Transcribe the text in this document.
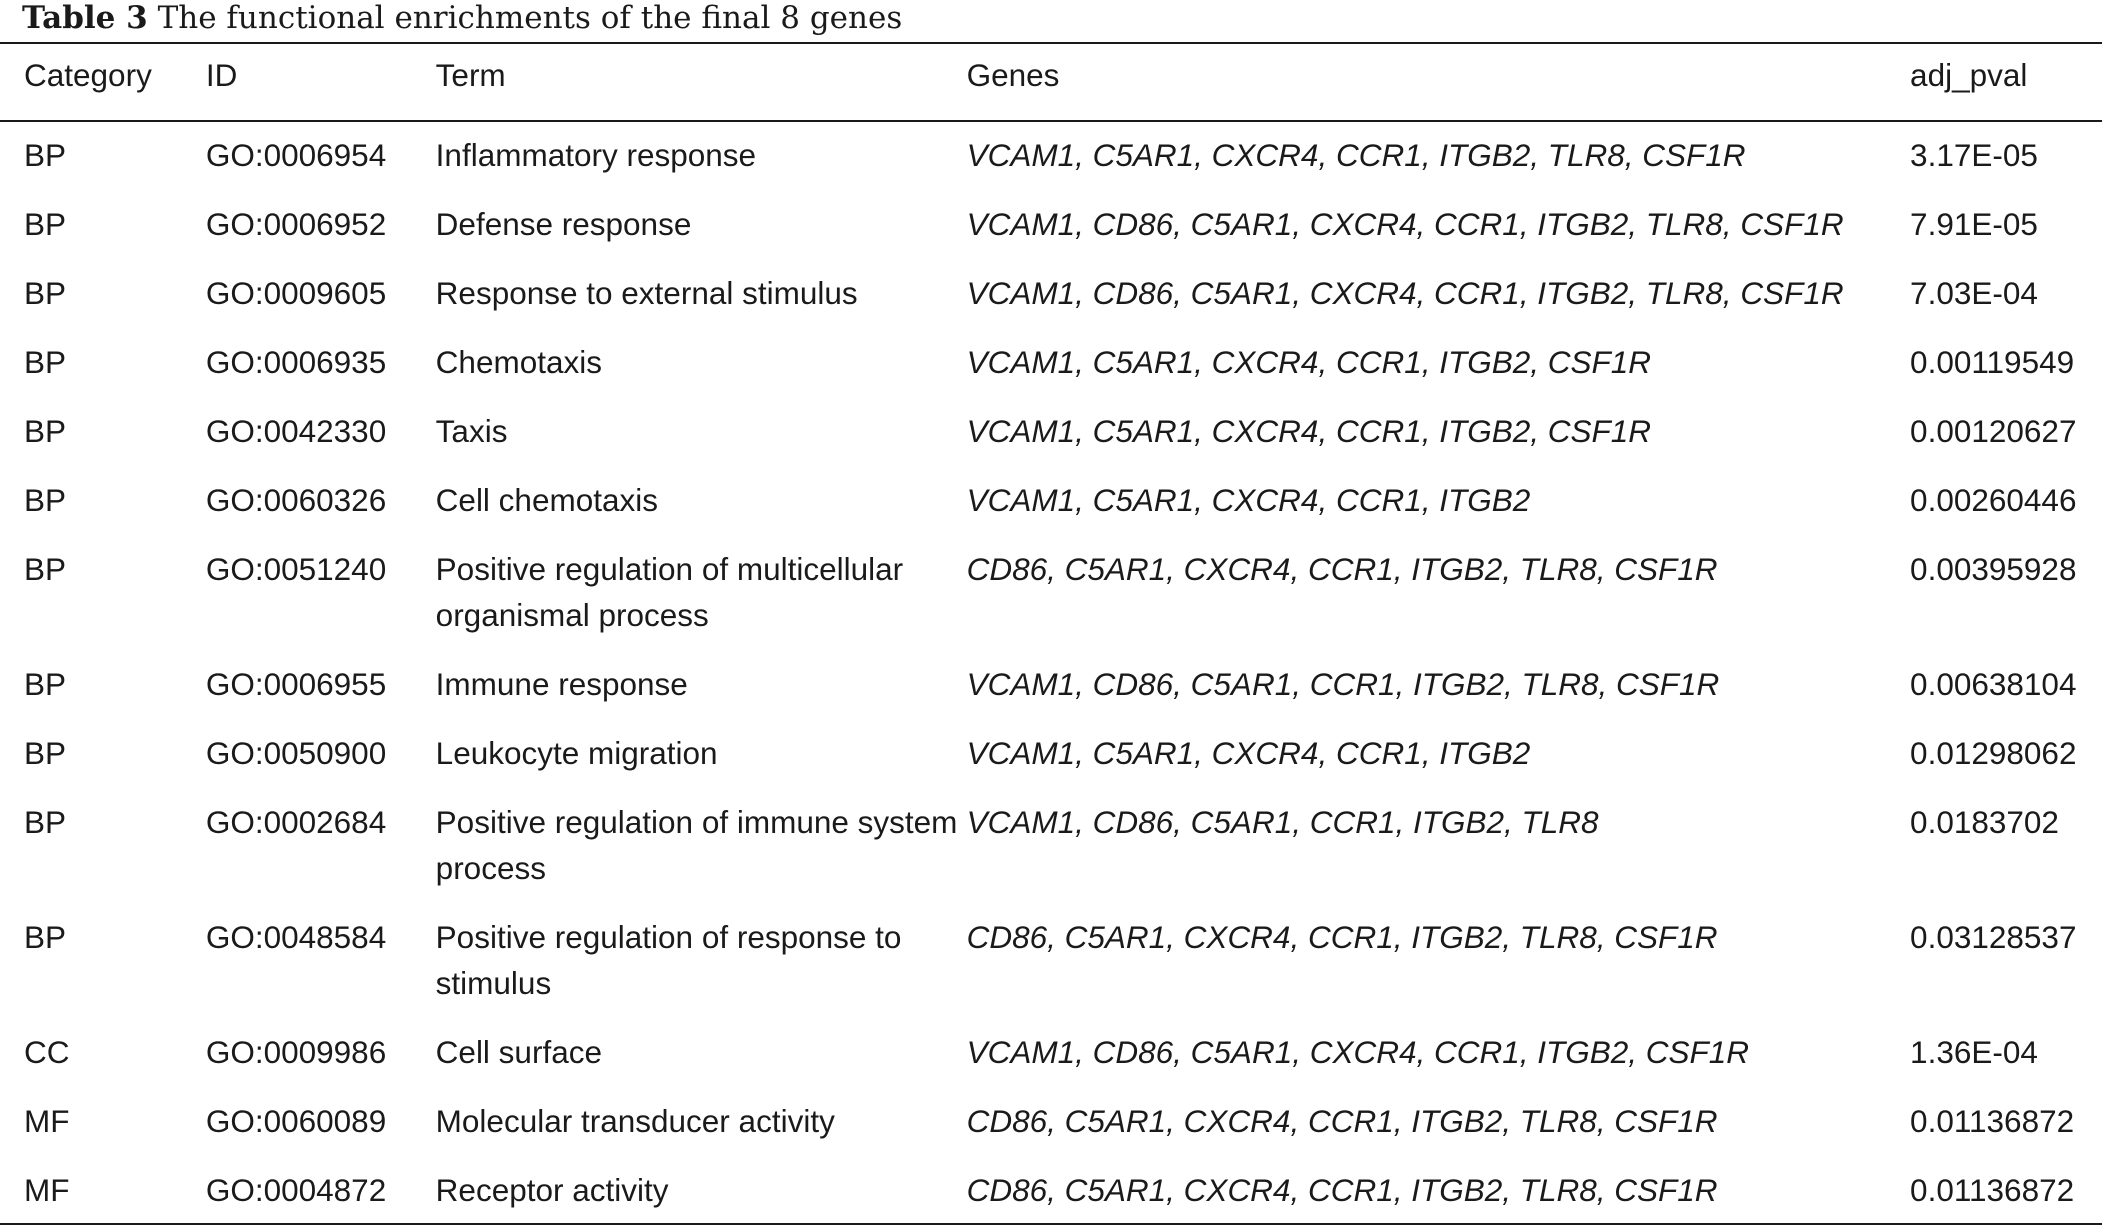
Table 3 The functional enrichments of the final 8 genes
Category	ID	Term	Genes	adj_pval
BP	GO:0006954	Inflammatory response	VCAM1, C5AR1, CXCR4, CCR1, ITGB2, TLR8, CSF1R	3.17E-05
BP	GO:0006952	Defense response	VCAM1, CD86, C5AR1, CXCR4, CCR1, ITGB2, TLR8, CSF1R	7.91E-05
BP	GO:0009605	Response to external stimulus	VCAM1, CD86, C5AR1, CXCR4, CCR1, ITGB2, TLR8, CSF1R	7.03E-04
BP	GO:0006935	Chemotaxis	VCAM1, C5AR1, CXCR4, CCR1, ITGB2, CSF1R	0.00119549
BP	GO:0042330	Taxis	VCAM1, C5AR1, CXCR4, CCR1, ITGB2, CSF1R	0.00120627
BP	GO:0060326	Cell chemotaxis	VCAM1, C5AR1, CXCR4, CCR1, ITGB2	0.00260446
BP	GO:0051240	Positive regulation of multicellular organismal process	CD86, C5AR1, CXCR4, CCR1, ITGB2, TLR8, CSF1R	0.00395928
BP	GO:0006955	Immune response	VCAM1, CD86, C5AR1, CCR1, ITGB2, TLR8, CSF1R	0.00638104
BP	GO:0050900	Leukocyte migration	VCAM1, C5AR1, CXCR4, CCR1, ITGB2	0.01298062
BP	GO:0002684	Positive regulation of immune system process	VCAM1, CD86, C5AR1, CCR1, ITGB2, TLR8	0.0183702
BP	GO:0048584	Positive regulation of response to stimulus	CD86, C5AR1, CXCR4, CCR1, ITGB2, TLR8, CSF1R	0.03128537
CC	GO:0009986	Cell surface	VCAM1, CD86, C5AR1, CXCR4, CCR1, ITGB2, CSF1R	1.36E-04
MF	GO:0060089	Molecular transducer activity	CD86, C5AR1, CXCR4, CCR1, ITGB2, TLR8, CSF1R	0.01136872
MF	GO:0004872	Receptor activity	CD86, C5AR1, CXCR4, CCR1, ITGB2, TLR8, CSF1R	0.01136872
